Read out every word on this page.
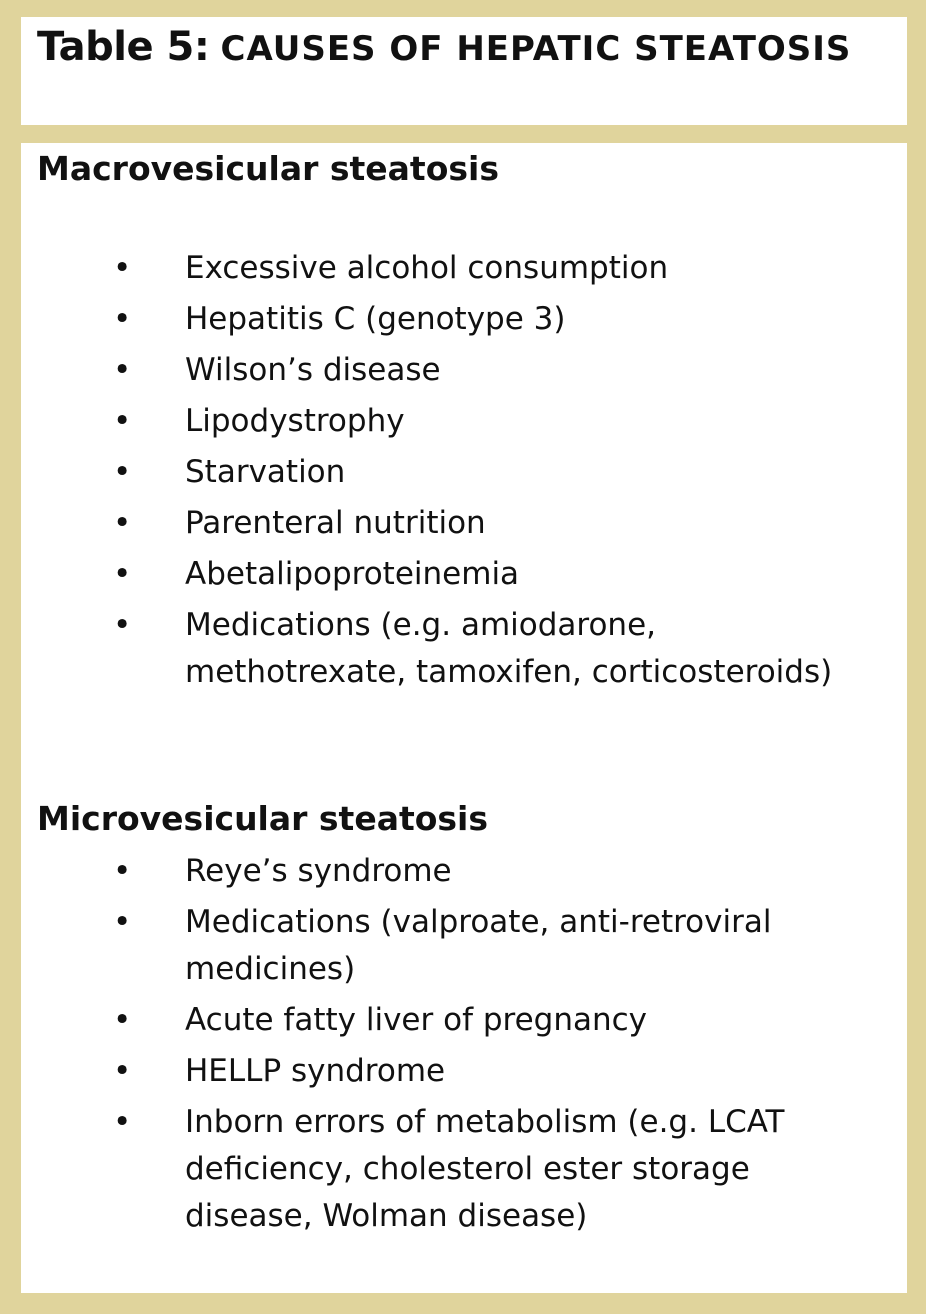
Table 5: CAUSES OF HEPATIC STEATOSIS
Macrovesicular steatosis
• Excessive alcohol consumption
• Hepatitis C (genotype 3)
• Wilson’s disease
• Lipodystrophy
• Starvation
• Parenteral nutrition
• Abetalipoproteinemia
• Medications (e.g. amiodarone, methotrexate, tamoxifen, corticosteroids)
Microvesicular steatosis
• Reye’s syndrome
• Medications (valproate, anti-retroviral medicines)
• Acute fatty liver of pregnancy
• HELLP syndrome
• Inborn errors of metabolism (e.g. LCAT deficiency, cholesterol ester storage disease, Wolman disease)
